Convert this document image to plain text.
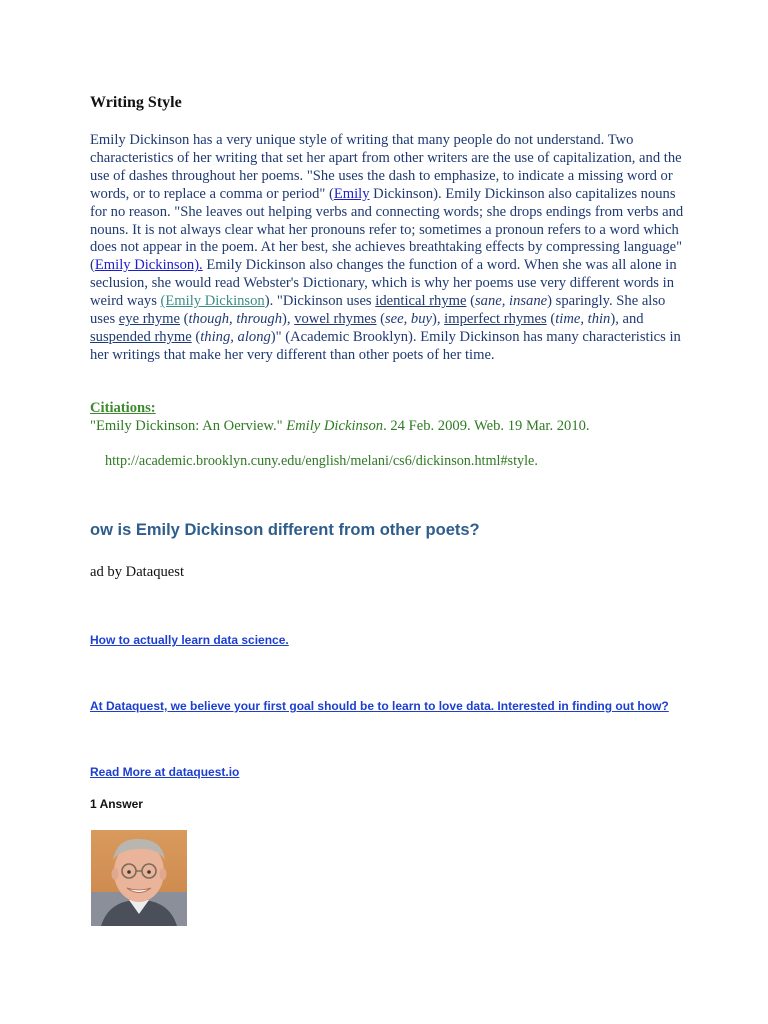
Writing Style

Emily Dickinson has a very unique style of writing that many people do not understand. Two characteristics of her writing that set her apart from other writers are the use of capitalization, and the use of dashes throughout her poems. "She uses the dash to emphasize, to indicate a missing word or words, or to replace a comma or period" (Emily Dickinson). Emily Dickinson also capitalizes nouns for no reason. "She leaves out helping verbs and connecting words; she drops endings from verbs and nouns. It is not always clear what her pronouns refer to; sometimes a pronoun refers to a word which does not appear in the poem. At her best, she achieves breathtaking effects by compressing language" (Emily Dickinson). Emily Dickinson also changes the function of a word. When she was all alone in seclusion, she would read Webster's Dictionary, which is why her poems use very different words in weird ways (Emily Dickinson). "Dickinson uses identical rhyme (sane, insane) sparingly. She also uses eye rhyme (though, through), vowel rhymes (see, buy), imperfect rhymes (time, thin), and suspended rhyme (thing, along)" (Academic Brooklyn). Emily Dickinson has many characteristics in her writings that make her very different than other poets of her time.

Citiations:

"Emily Dickinson: An Oerview." Emily Dickinson. 24 Feb. 2009. Web. 19 Mar. 2010.

http://academic.brooklyn.cuny.edu/english/melani/cs6/dickinson.html#style.

ow is Emily Dickinson different from other poets?

ad by Dataquest

How to actually learn data science.
At Dataquest, we believe your first goal should be to learn to love data. Interested in finding out how?
Read More at dataquest.io

1 Answer
